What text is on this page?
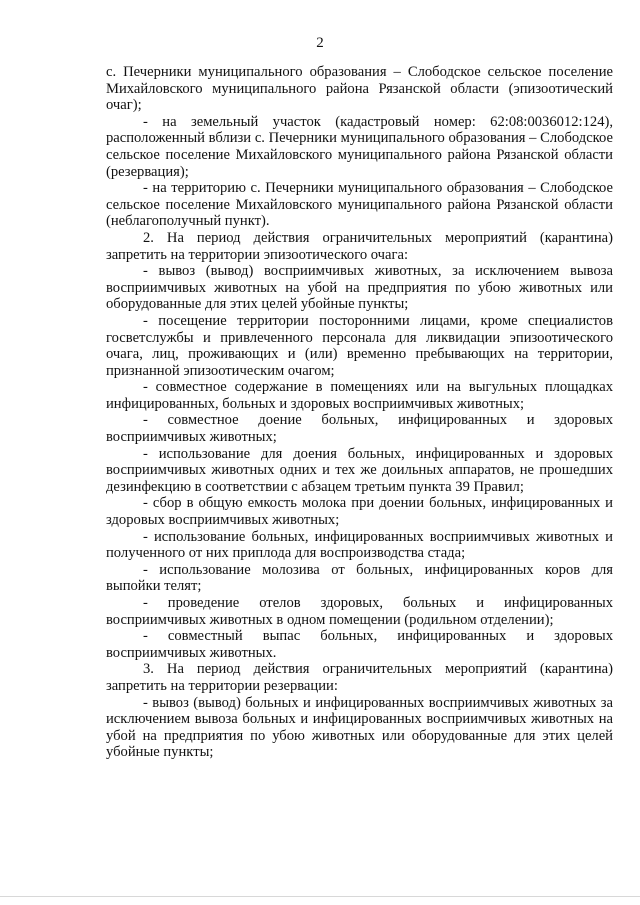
2

с. Печерники муниципального образования – Слободское сельское поселение Михайловского муниципального района Рязанской области (эпизоотический очаг);

- на земельный участок (кадастровый номер: 62:08:0036012:124), расположенный вблизи с. Печерники муниципального образования – Слободское сельское поселение Михайловского муниципального района Рязанской области (резервация);

- на территорию с. Печерники муниципального образования – Слободское сельское поселение Михайловского муниципального района Рязанской области (неблагополучный пункт).

2. На период действия ограничительных мероприятий (карантина) запретить на территории эпизоотического очага:

- вывоз (вывод) восприимчивых животных, за исключением вывоза восприимчивых животных на убой на предприятия по убою животных или оборудованные для этих целей убойные пункты;

- посещение территории посторонними лицами, кроме специалистов госветслужбы и привлеченного персонала для ликвидации эпизоотического очага, лиц, проживающих и (или) временно пребывающих на территории, признанной эпизоотическим очагом;

- совместное содержание в помещениях или на выгульных площадках инфицированных, больных и здоровых восприимчивых животных;

- совместное доение больных, инфицированных и здоровых восприимчивых животных;

- использование для доения больных, инфицированных и здоровых восприимчивых животных одних и тех же доильных аппаратов, не прошедших дезинфекцию в соответствии с абзацем третьим пункта 39 Правил;

- сбор в общую емкость молока при доении больных, инфицированных и здоровых восприимчивых животных;

- использование больных, инфицированных восприимчивых животных и полученного от них приплода для воспроизводства стада;

- использование молозива от больных, инфицированных коров для выпойки телят;

- проведение отелов здоровых, больных и инфицированных восприимчивых животных в одном помещении (родильном отделении);

- совместный выпас больных, инфицированных и здоровых восприимчивых животных.

3. На период действия ограничительных мероприятий (карантина) запретить на территории резервации:

- вывоз (вывод) больных и инфицированных восприимчивых животных за исключением вывоза больных и инфицированных восприимчивых животных на убой на предприятия по убою животных или оборудованные для этих целей убойные пункты;
